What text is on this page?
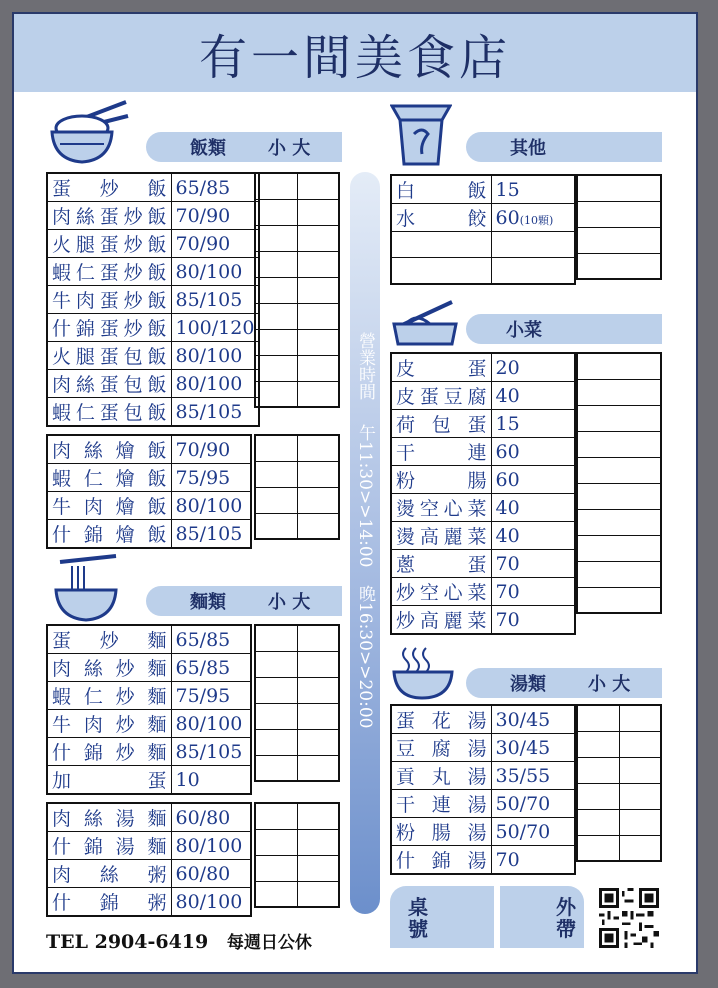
有一間美食店
飯類 小 大
麵類 小 大
其他
小菜
湯類 小 大
營業時間
午11:30>>14:00
晚16:30>>20:00
蛋炒飯	65/85
肉絲蛋炒飯	70/90
火腿蛋炒飯	70/90
蝦仁蛋炒飯	80/100
牛肉蛋炒飯	85/105
什錦蛋炒飯	100/120
火腿蛋包飯	80/100
肉絲蛋包飯	80/100
蝦仁蛋包飯	85/105

肉絲燴飯	70/90
蝦仁燴飯	75/95
牛肉燴飯	80/100
什錦燴飯	85/105

蛋炒麵	65/85
肉絲炒麵	65/85
蝦仁炒麵	75/95
牛肉炒麵	80/100
什錦炒麵	85/105
加蛋	10

肉絲湯麵	60/80
什錦湯麵	80/100
肉絲粥	60/80
什錦粥	80/100

白飯	15
水餃	60(10顆)

皮蛋	20
皮蛋豆腐	40
荷包蛋	15
干連	60
粉腸	60
燙空心菜	40
燙高麗菜	40
蔥蛋	70
炒空心菜	70
炒高麗菜	70

蛋花湯	30/45
豆腐湯	30/45
貢丸湯	35/55
干連湯	50/70
粉腸湯	50/70
什錦湯	70

TEL 2904-6419 每週日公休
桌號
外帶
